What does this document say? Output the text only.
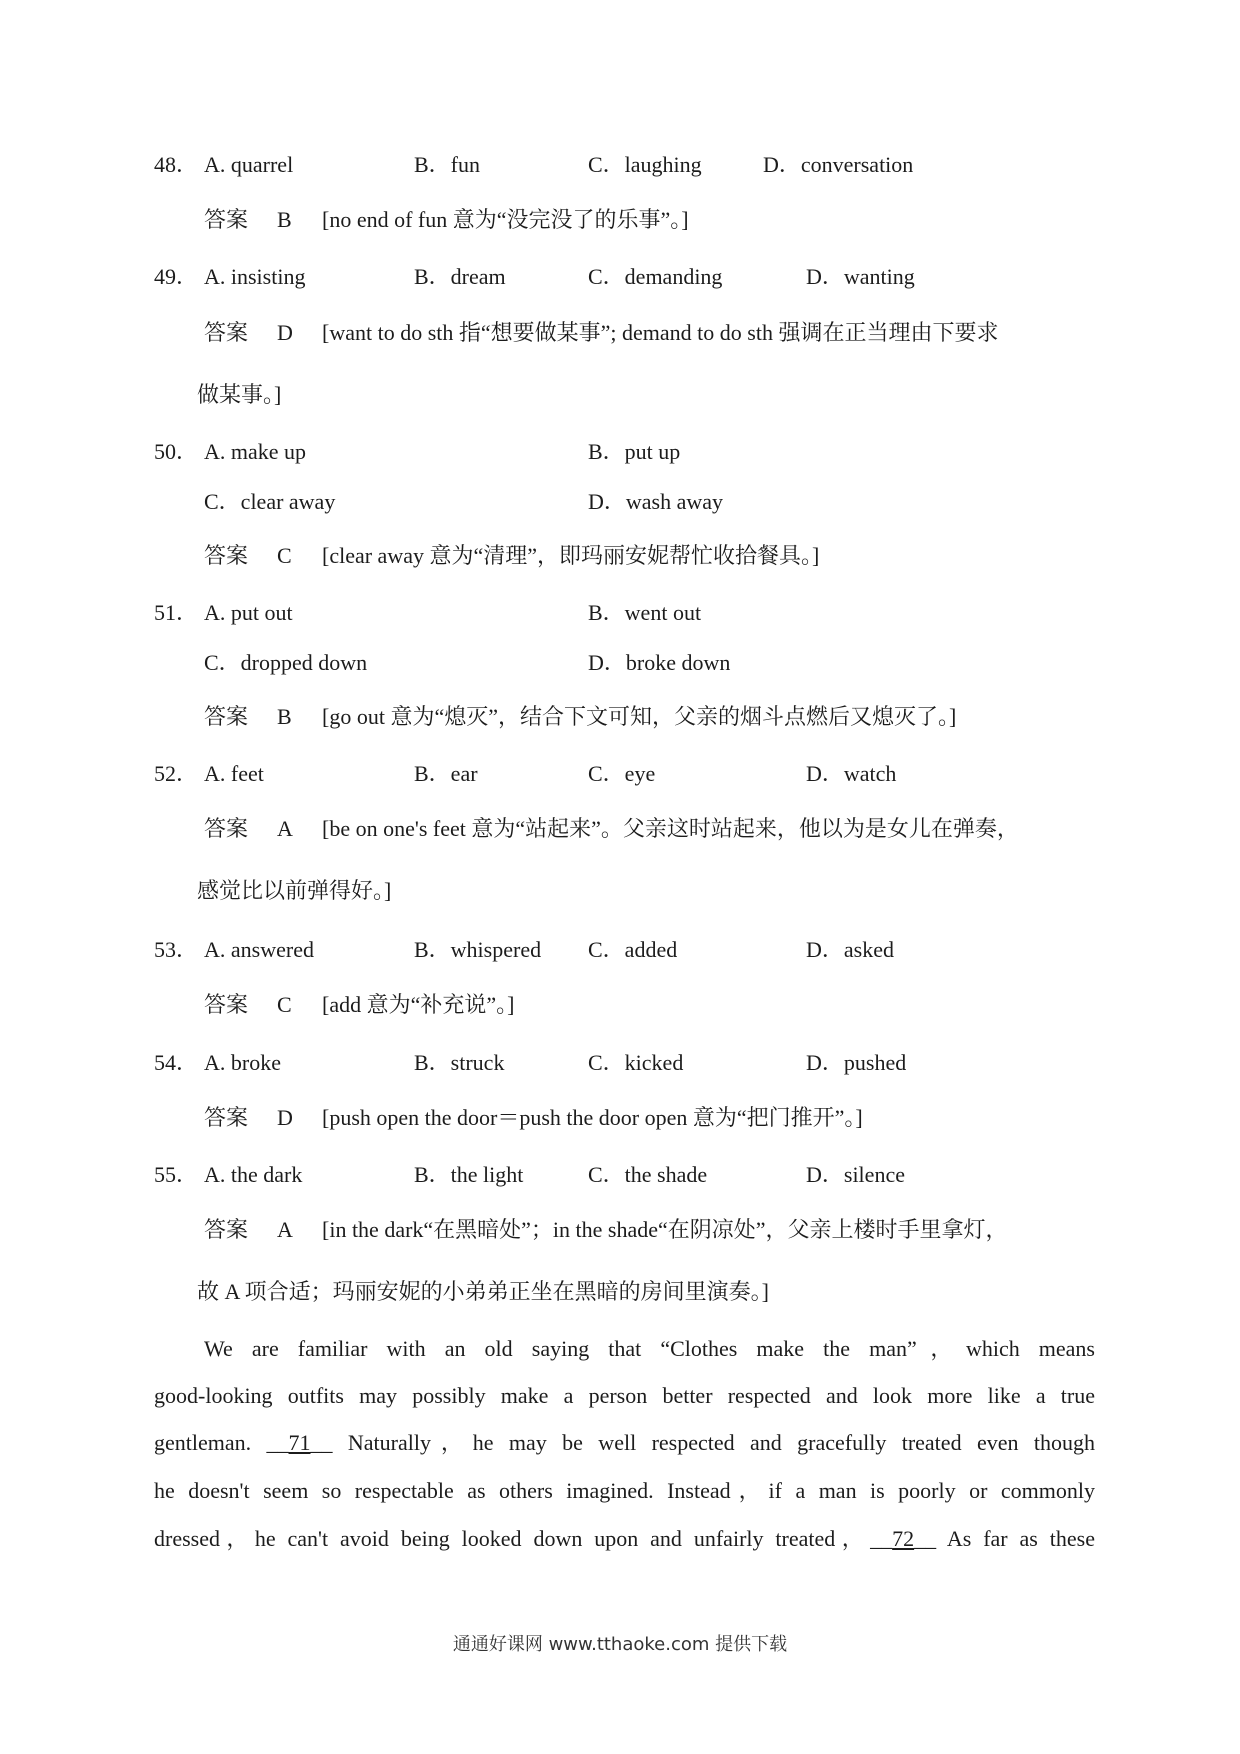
48． A. quarrel	B．fun	C．laughing	D．conversation
答案 B [no end of fun 意为“没完没了的乐事”。]
49． A. insisting	B．dream	C．demanding	D．wanting
答案 D [want to do sth 指“想要做某事”; demand to do sth 强调在正当理由下要求
做某事。]
50． A. make up	B．put up
C．clear away	D．wash away
答案 C [clear away 意为“清理”，即玛丽安妮帮忙收拾餐具。]
51． A. put out	B．went out
C．dropped down	D．broke down
答案 B [go out 意为“熄灭”，结合下文可知，父亲的烟斗点燃后又熄灭了。]
52． A. feet	B．ear	C．eye	D．watch
答案 A [be on one's feet 意为“站起来”。父亲这时站起来，他以为是女儿在弹奏，
感觉比以前弹得好。]
53． A. answered	B．whispered C．added	D．asked
答案 C [add 意为“补充说”。]
54． A. broke	B．struck	C．kicked	D．pushed
答案 D [push open the door＝push the door open 意为“把门推开”。]
55． A. the dark	B．the light	C．the shade	D．silence
答案 A [in the dark“在黑暗处”；in the shade“在阴凉处”，父亲上楼时手里拿灯，
故 A 项合适；玛丽安妮的小弟弟正坐在黑暗的房间里演奏。]
We are familiar with an old saying that “Clothes make the man”，which means
good-looking outfits may possibly make a person better respected and look more like a true
gentleman. __71__ Naturally，he may be well respected and gracefully treated even though
he doesn't seem so respectable as others imagined. Instead，if a man is poorly or commonly
dressed，he can't avoid being looked down upon and unfairly treated，__72__ As far as these
通通好课网 www.tthaoke.com 提供下载
